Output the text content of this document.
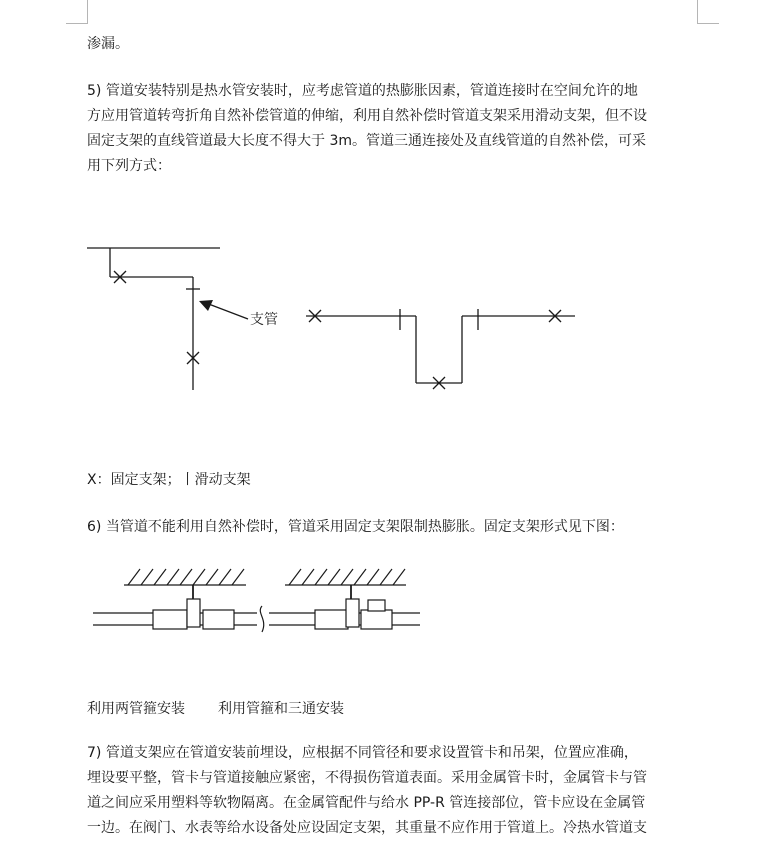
渗漏。
5) 管道安装特别是热水管安装时，应考虑管道的热膨胀因素，管道连接时在空间允许的地
方应用管道转弯折角自然补偿管道的伸缩，利用自然补偿时管道支架采用滑动支架，但不设
固定支架的直线管道最大长度不得大于 3m。管道三通连接处及直线管道的自然补偿，可采
用下列方式：
支管
X：固定支架；丨滑动支架
6) 当管道不能利用自然补偿时，管道采用固定支架限制热膨胀。固定支架形式见下图：
利用两管箍安装 利用管箍和三通安装
7) 管道支架应在管道安装前埋设，应根据不同管径和要求设置管卡和吊架，位置应准确，
埋设要平整，管卡与管道接触应紧密，不得损伤管道表面。采用金属管卡时，金属管卡与管
道之间应采用塑料等软物隔离。在金属管配件与给水 PP-R 管连接部位，管卡应设在金属管
一边。在阀门、水表等给水设备处应设固定支架，其重量不应作用于管道上。冷热水管道支
